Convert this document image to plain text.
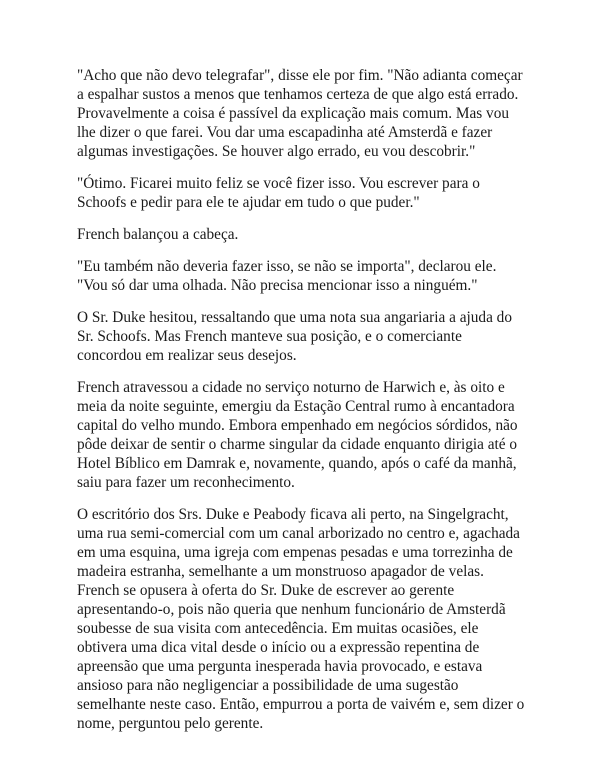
"Acho que não devo telegrafar", disse ele por fim. "Não adianta começar a espalhar sustos a menos que tenhamos certeza de que algo está errado. Provavelmente a coisa é passível da explicação mais comum. Mas vou lhe dizer o que farei. Vou dar uma escapadinha até Amsterdã e fazer algumas investigações. Se houver algo errado, eu vou descobrir."

"Ótimo. Ficarei muito feliz se você fizer isso. Vou escrever para o Schoofs e pedir para ele te ajudar em tudo o que puder."

French balançou a cabeça.

"Eu também não deveria fazer isso, se não se importa", declarou ele. "Vou só dar uma olhada. Não precisa mencionar isso a ninguém."

O Sr. Duke hesitou, ressaltando que uma nota sua angariaria a ajuda do Sr. Schoofs. Mas French manteve sua posição, e o comerciante concordou em realizar seus desejos.

French atravessou a cidade no serviço noturno de Harwich e, às oito e meia da noite seguinte, emergiu da Estação Central rumo à encantadora capital do velho mundo. Embora empenhado em negócios sórdidos, não pôde deixar de sentir o charme singular da cidade enquanto dirigia até o Hotel Bíblico em Damrak e, novamente, quando, após o café da manhã, saiu para fazer um reconhecimento.

O escritório dos Srs. Duke e Peabody ficava ali perto, na Singelgracht, uma rua semi-comercial com um canal arborizado no centro e, agachada em uma esquina, uma igreja com empenas pesadas e uma torrezinha de madeira estranha, semelhante a um monstruoso apagador de velas. French se opusera à oferta do Sr. Duke de escrever ao gerente apresentando-o, pois não queria que nenhum funcionário de Amsterdã soubesse de sua visita com antecedência. Em muitas ocasiões, ele obtivera uma dica vital desde o início ou a expressão repentina de apreensão que uma pergunta inesperada havia provocado, e estava ansioso para não negligenciar a possibilidade de uma sugestão semelhante neste caso. Então, empurrou a porta de vaivém e, sem dizer o nome, perguntou pelo gerente.
